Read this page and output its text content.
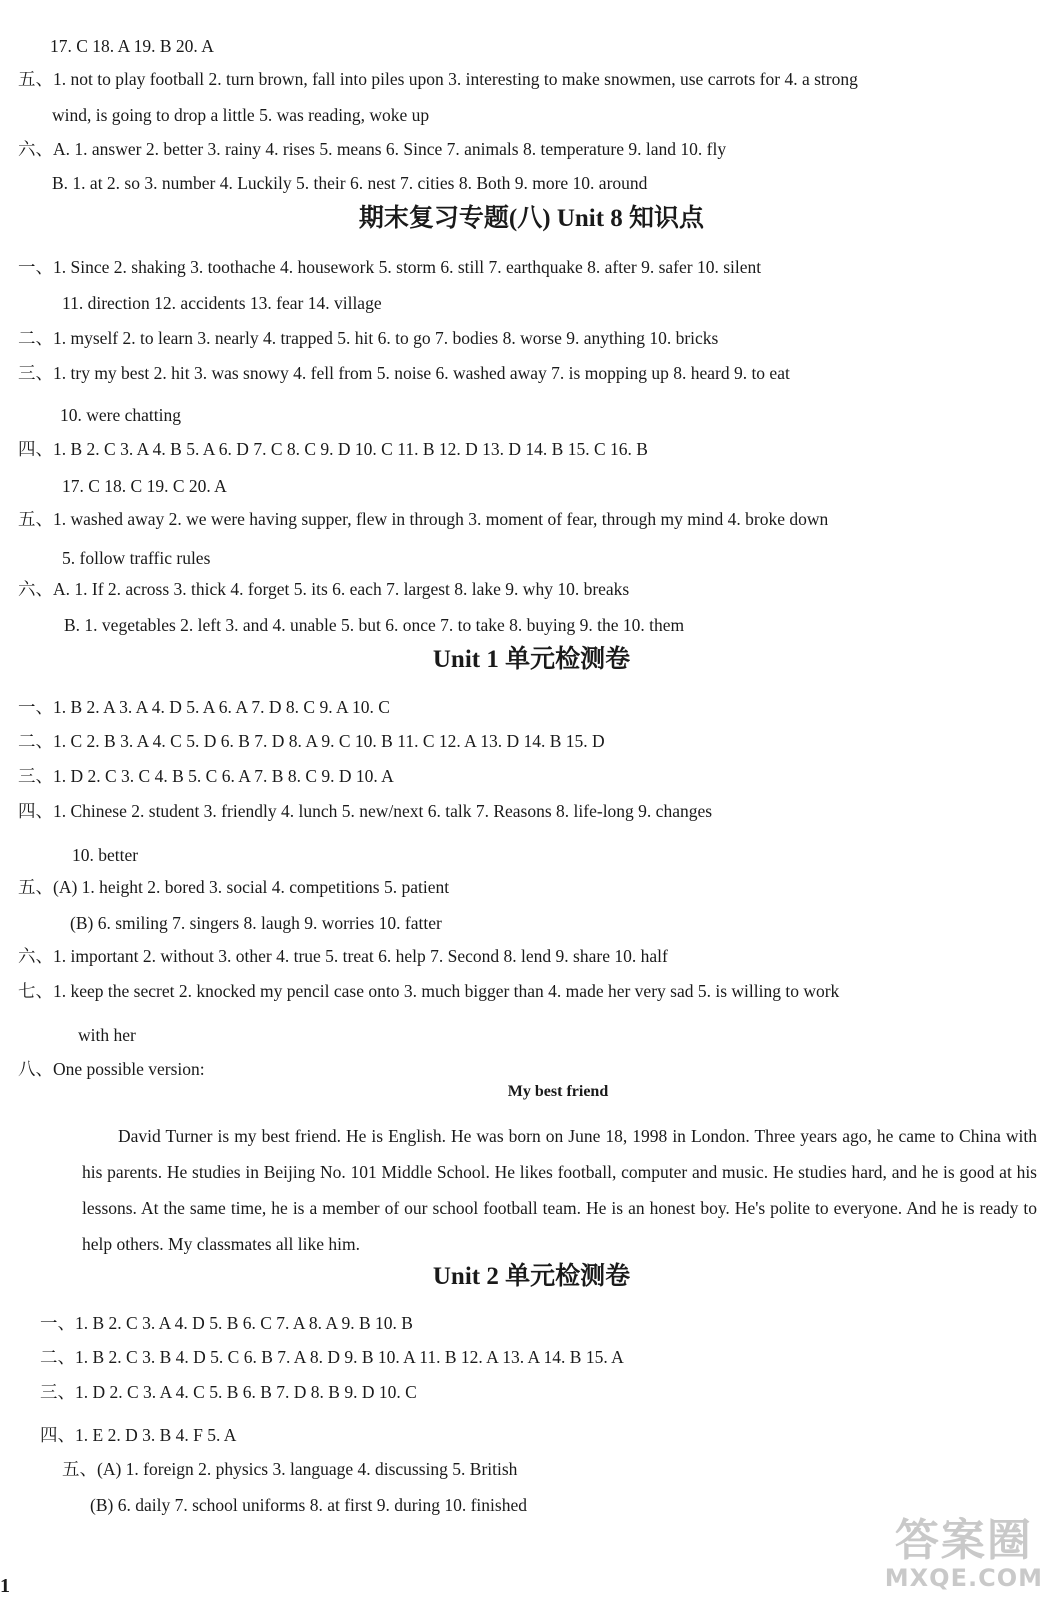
17. C 18. A 19. B 20. A
五、1. not to play football 2. turn brown, fall into piles upon 3. interesting to make snowmen, use carrots for 4. a strong
wind, is going to drop a little 5. was reading, woke up
六、A. 1. answer 2. better 3. rainy 4. rises 5. means 6. Since 7. animals 8. temperature 9. land 10. fly
B. 1. at 2. so 3. number 4. Luckily 5. their 6. nest 7. cities 8. Both 9. more 10. around
期末复习专题(八) Unit 8 知识点
一、1. Since 2. shaking 3. toothache 4. housework 5. storm 6. still 7. earthquake 8. after 9. safer 10. silent
11. direction 12. accidents 13. fear 14. village
二、1. myself 2. to learn 3. nearly 4. trapped 5. hit 6. to go 7. bodies 8. worse 9. anything 10. bricks
三、1. try my best 2. hit 3. was snowy 4. fell from 5. noise 6. washed away 7. is mopping up 8. heard 9. to eat
10. were chatting
四、1. B 2. C 3. A 4. B 5. A 6. D 7. C 8. C 9. D 10. C 11. B 12. D 13. D 14. B 15. C 16. B
17. C 18. C 19. C 20. A
五、1. washed away 2. we were having supper, flew in through 3. moment of fear, through my mind 4. broke down
5. follow traffic rules
六、A. 1. If 2. across 3. thick 4. forget 5. its 6. each 7. largest 8. lake 9. why 10. breaks
B. 1. vegetables 2. left 3. and 4. unable 5. but 6. once 7. to take 8. buying 9. the 10. them
Unit 1 单元检测卷
一、1. B 2. A 3. A 4. D 5. A 6. A 7. D 8. C 9. A 10. C
二、1. C 2. B 3. A 4. C 5. D 6. B 7. D 8. A 9. C 10. B 11. C 12. A 13. D 14. B 15. D
三、1. D 2. C 3. C 4. B 5. C 6. A 7. B 8. C 9. D 10. A
四、1. Chinese 2. student 3. friendly 4. lunch 5. new/next 6. talk 7. Reasons 8. life-long 9. changes
10. better
五、(A) 1. height 2. bored 3. social 4. competitions 5. patient
(B) 6. smiling 7. singers 8. laugh 9. worries 10. fatter
六、1. important 2. without 3. other 4. true 5. treat 6. help 7. Second 8. lend 9. share 10. half
七、1. keep the secret 2. knocked my pencil case onto 3. much bigger than 4. made her very sad 5. is willing to work
with her
八、One possible version:
My best friend

David Turner is my best friend. He is English. He was born on June 18, 1998 in London. Three years ago, he came to China with his parents. He studies in Beijing No. 101 Middle School. He likes football, computer and music. He studies hard, and he is good at his lessons. At the same time, he is a member of our school football team. He is an honest boy. He's polite to everyone. And he is ready to help others. My classmates all like him.

Unit 2 单元检测卷
一、1. B 2. C 3. A 4. D 5. B 6. C 7. A 8. A 9. B 10. B
二、1. B 2. C 3. B 4. D 5. C 6. B 7. A 8. D 9. B 10. A 11. B 12. A 13. A 14. B 15. A
三、1. D 2. C 3. A 4. C 5. B 6. B 7. D 8. B 9. D 10. C
四、1. E 2. D 3. B 4. F 5. A
五、(A) 1. foreign 2. physics 3. language 4. discussing 5. British
(B) 6. daily 7. school uniforms 8. at first 9. during 10. finished
答案圈
MXQE.COM
1
